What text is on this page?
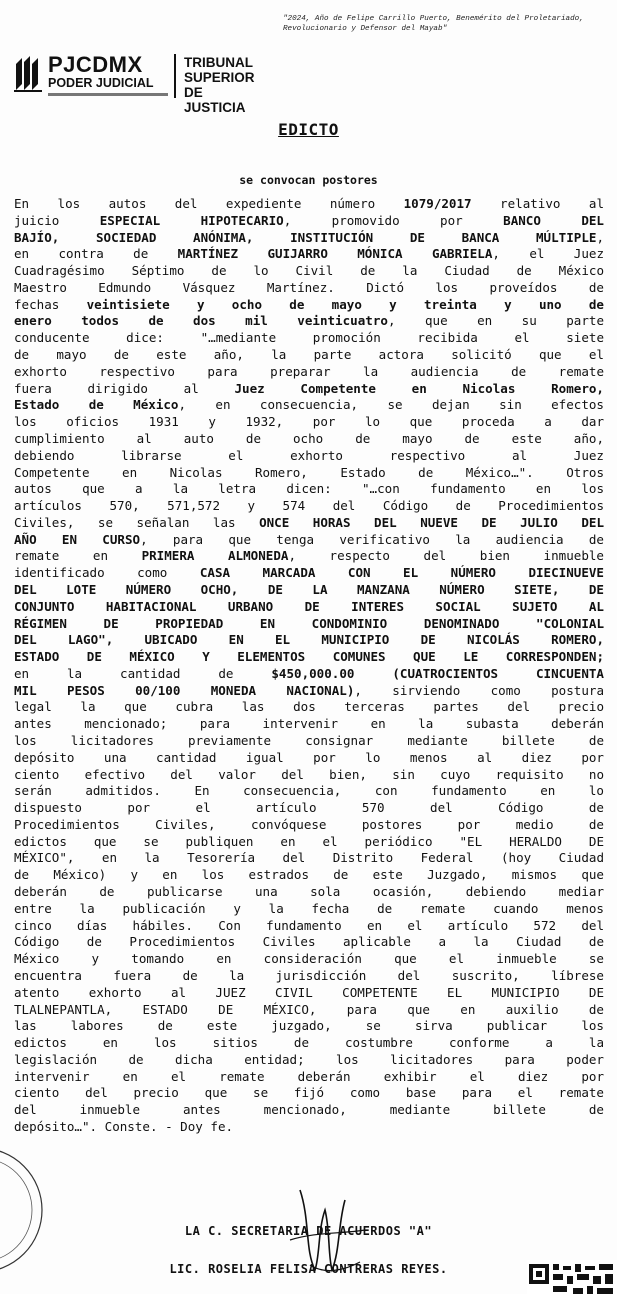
"2024, Año de Felipe Carrillo Puerto, Benemérito del Proletariado, Revolucionario y Defensor del Mayab"
PJCDMX
PODER JUDICIAL
TRIBUNAL
SUPERIOR DE
JUSTICIA
EDICTO
se convocan postores
En los autos del expediente número 1079/2017 relativo al
juicio ESPECIAL HIPOTECARIO, promovido por BANCO DEL
BAJÍO, SOCIEDAD ANÓNIMA, INSTITUCIÓN DE BANCA MÚLTIPLE,
en contra de MARTÍNEZ GUIJARRO MÓNICA GABRIELA, el Juez
Cuadragésimo Séptimo de lo Civil de la Ciudad de México
Maestro Edmundo Vásquez Martínez. Dictó los proveídos de
fechas veintisiete y ocho de mayo y treinta y uno de
enero todos de dos mil veinticuatro, que en su parte
conducente dice: "…mediante promoción recibida el siete
de mayo de este año, la parte actora solicitó que el
exhorto respectivo para preparar la audiencia de remate
fuera dirigido al Juez Competente en Nicolas Romero,
Estado de México, en consecuencia, se dejan sin efectos
los oficios 1931 y 1932, por lo que proceda a dar
cumplimiento al auto de ocho de mayo de este año,
debiendo librarse el exhorto respectivo al Juez
Competente en Nicolas Romero, Estado de México…". Otros
autos que a la letra dicen: "…con fundamento en los
artículos 570, 571,572 y 574 del Código de Procedimientos
Civiles, se señalan las ONCE HORAS DEL NUEVE DE JULIO DEL
AÑO EN CURSO, para que tenga verificativo la audiencia de
remate en PRIMERA ALMONEDA, respecto del bien inmueble
identificado como CASA MARCADA CON EL NÚMERO DIECINUEVE
DEL LOTE NÚMERO OCHO, DE LA MANZANA NÚMERO SIETE, DE
CONJUNTO HABITACIONAL URBANO DE INTERES SOCIAL SUJETO AL
RÉGIMEN DE PROPIEDAD EN CONDOMINIO DENOMINADO "COLONIAL
DEL LAGO", UBICADO EN EL MUNICIPIO DE NICOLÁS ROMERO,
ESTADO DE MÉXICO Y ELEMENTOS COMUNES QUE LE CORRESPONDEN;
en la cantidad de $450,000.00 (CUATROCIENTOS CINCUENTA
MIL PESOS 00/100 MONEDA NACIONAL), sirviendo como postura
legal la que cubra las dos terceras partes del precio
antes mencionado; para intervenir en la subasta deberán
los licitadores previamente consignar mediante billete de
depósito una cantidad igual por lo menos al diez por
ciento efectivo del valor del bien, sin cuyo requisito no
serán admitidos. En consecuencia, con fundamento en lo
dispuesto por el artículo 570 del Código de
Procedimientos Civiles, convóquese postores por medio de
edictos que se publiquen en el periódico "EL HERALDO DE
MÉXICO", en la Tesorería del Distrito Federal (hoy Ciudad
de México) y en los estrados de este Juzgado, mismos que
deberán de publicarse una sola ocasión, debiendo mediar
entre la publicación y la fecha de remate cuando menos
cinco días hábiles. Con fundamento en el artículo 572 del
Código de Procedimientos Civiles aplicable a la Ciudad de
México y tomando en consideración que el inmueble se
encuentra fuera de la jurisdicción del suscrito, líbrese
atento exhorto al JUEZ CIVIL COMPETENTE EL MUNICIPIO DE
TLALNEPANTLA, ESTADO DE MÉXICO, para que en auxilio de
las labores de este juzgado, se sirva publicar los
edictos en los sitios de costumbre conforme a la
legislación de dicha entidad; los licitadores para poder
intervenir en el remate deberán exhibir el diez por
ciento del precio que se fijó como base para el remate
del inmueble antes mencionado, mediante billete de
depósito…". Conste. - Doy fe.
LA C. SECRETARIA DE ACUERDOS "A"
LIC. ROSELIA FELISA CONTRERAS REYES.
